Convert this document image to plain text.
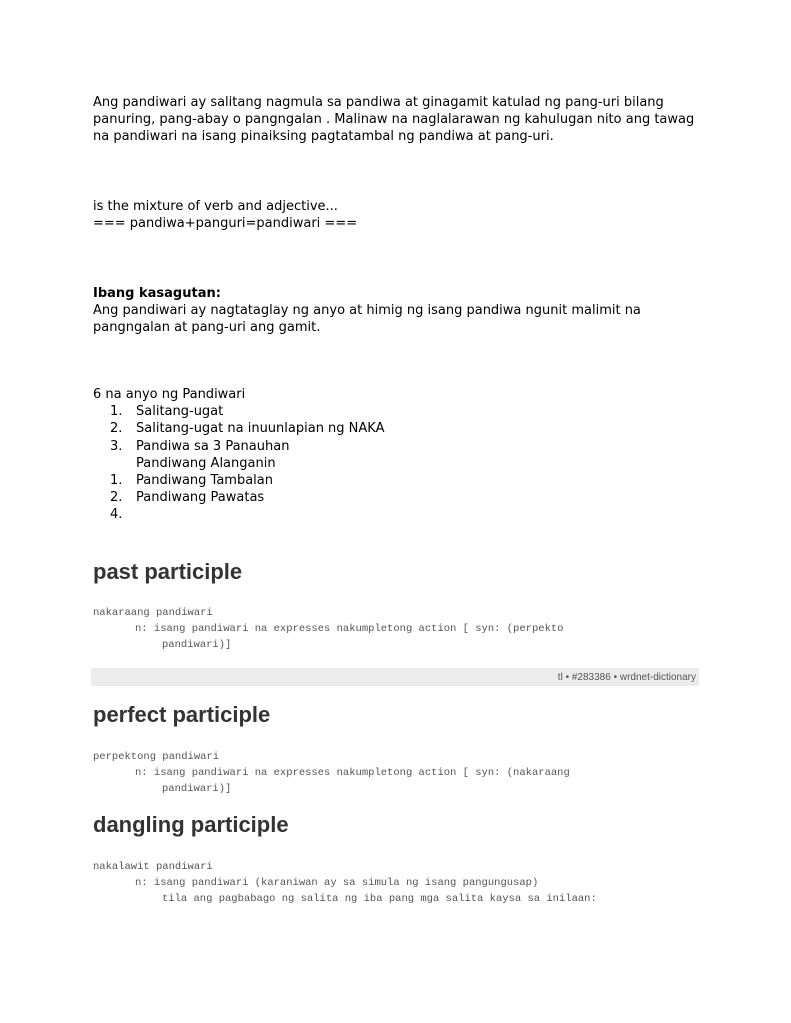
Ang pandiwari ay salitang nagmula sa pandiwa at ginagamit katulad ng pang-uri bilang
panuring, pang-abay o pangngalan . Malinaw na naglalarawan ng kahulugan nito ang tawag
na pandiwari na isang pinaiksing pagtatambal ng pandiwa at pang-uri.
is the mixture of verb and adjective...
=== pandiwa+panguri=pandiwari ===
Ibang kasagutan:
Ang pandiwari ay nagtataglay ng anyo at himig ng isang pandiwa ngunit malimit na
pangngalan at pang-uri ang gamit.
6 na anyo ng Pandiwari
1.	Salitang-ugat
2.	Salitang-ugat na inuunlapian ng NAKA
3.	Pandiwa sa 3 Panauhan
Pandiwang Alanganin
1.	Pandiwang Tambalan
2.	Pandiwang Pawatas
4.
past participle
nakaraang pandiwari
n: isang pandiwari na expresses nakumpletong action [ syn: (perpekto
pandiwari)]
tl • #283386 • wrdnet-dictionary
perfect participle
perpektong pandiwari
n: isang pandiwari na expresses nakumpletong action [ syn: (nakaraang
pandiwari)]
dangling participle
nakalawit pandiwari
n: isang pandiwari (karaniwan ay sa simula ng isang pangungusap)
tila ang pagbabago ng salita ng iba pang mga salita kaysa sa inilaan:
